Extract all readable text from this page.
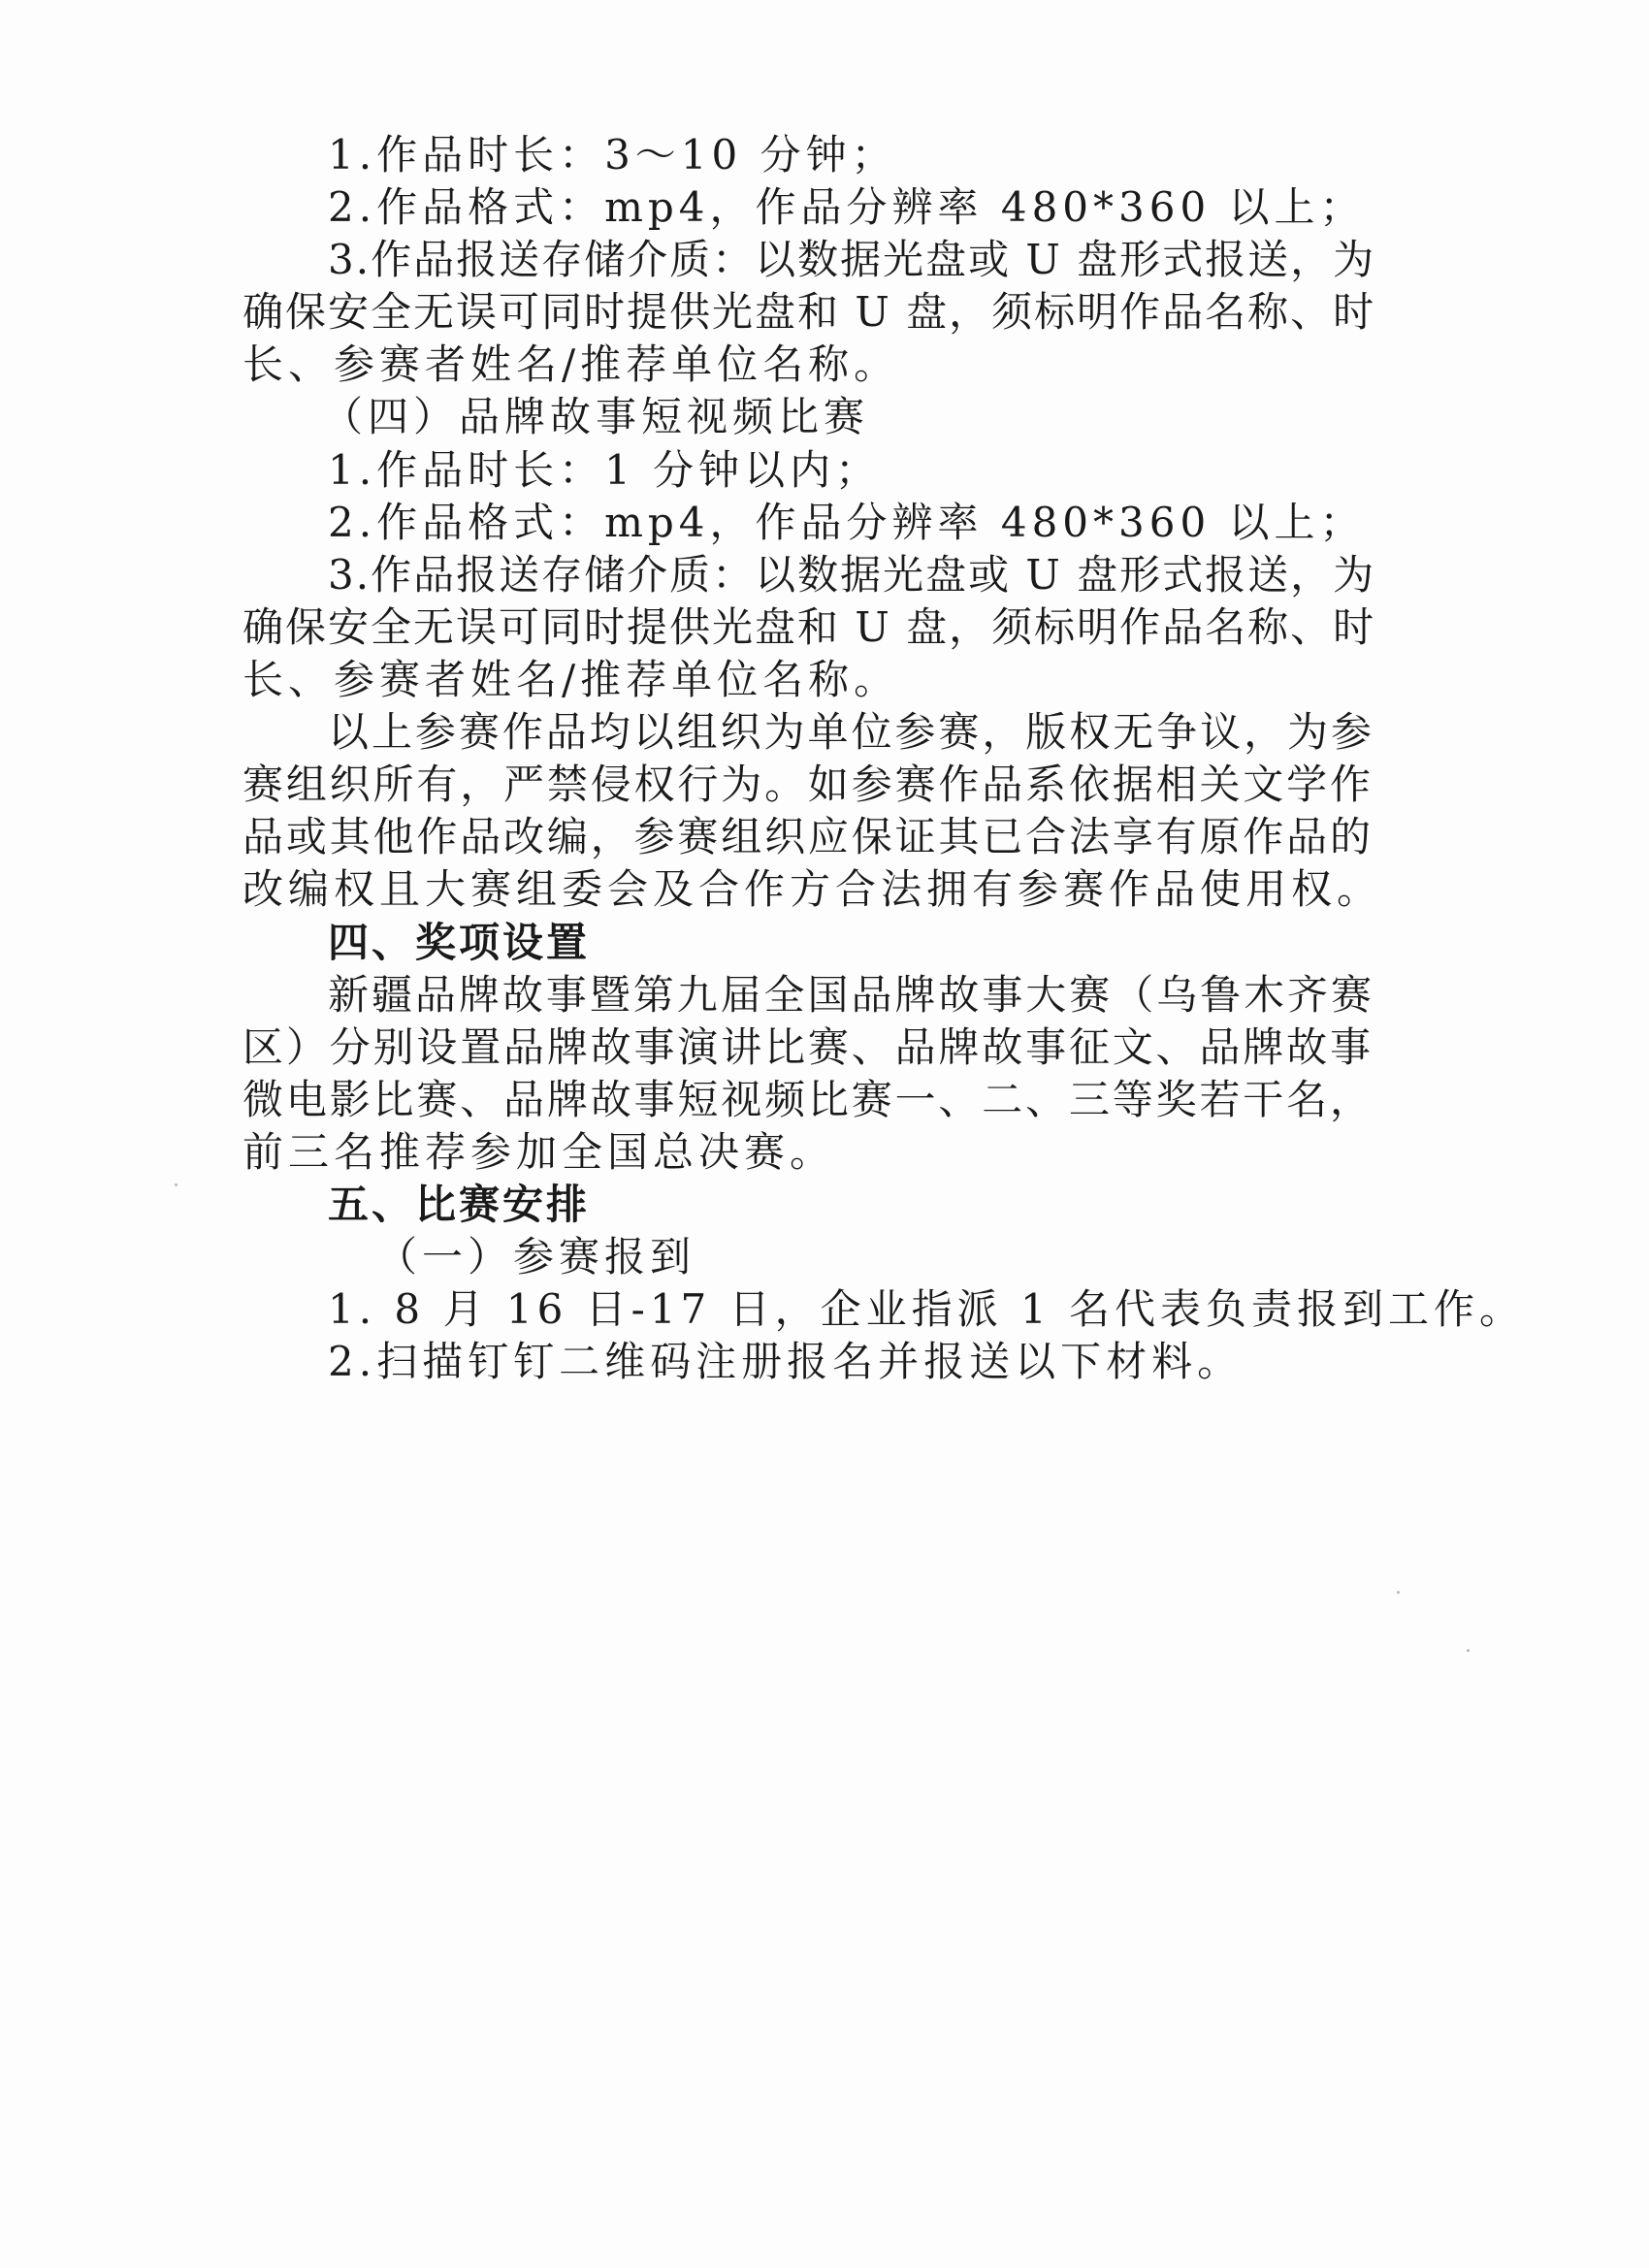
1.作品时长：3～10 分钟；
2.作品格式：mp4，作品分辨率 480*360 以上；
3.作品报送存储介质：以数据光盘或 U 盘形式报送，为
确保安全无误可同时提供光盘和 U 盘，须标明作品名称、时
长、参赛者姓名/推荐单位名称。
（四）品牌故事短视频比赛
1.作品时长：1 分钟以内；
2.作品格式：mp4，作品分辨率 480*360 以上；
3.作品报送存储介质：以数据光盘或 U 盘形式报送，为
确保安全无误可同时提供光盘和 U 盘，须标明作品名称、时
长、参赛者姓名/推荐单位名称。
以上参赛作品均以组织为单位参赛，版权无争议，为参
赛组织所有，严禁侵权行为。如参赛作品系依据相关文学作
品或其他作品改编，参赛组织应保证其已合法享有原作品的
改编权且大赛组委会及合作方合法拥有参赛作品使用权。
四、奖项设置
新疆品牌故事暨第九届全国品牌故事大赛（乌鲁木齐赛
区）分别设置品牌故事演讲比赛、品牌故事征文、品牌故事
微电影比赛、品牌故事短视频比赛一、二、三等奖若干名，
前三名推荐参加全国总决赛。
五、比赛安排
（一）参赛报到
1. 8 月 16 日-17 日，企业指派 1 名代表负责报到工作。
2.扫描钉钉二维码注册报名并报送以下材料。
